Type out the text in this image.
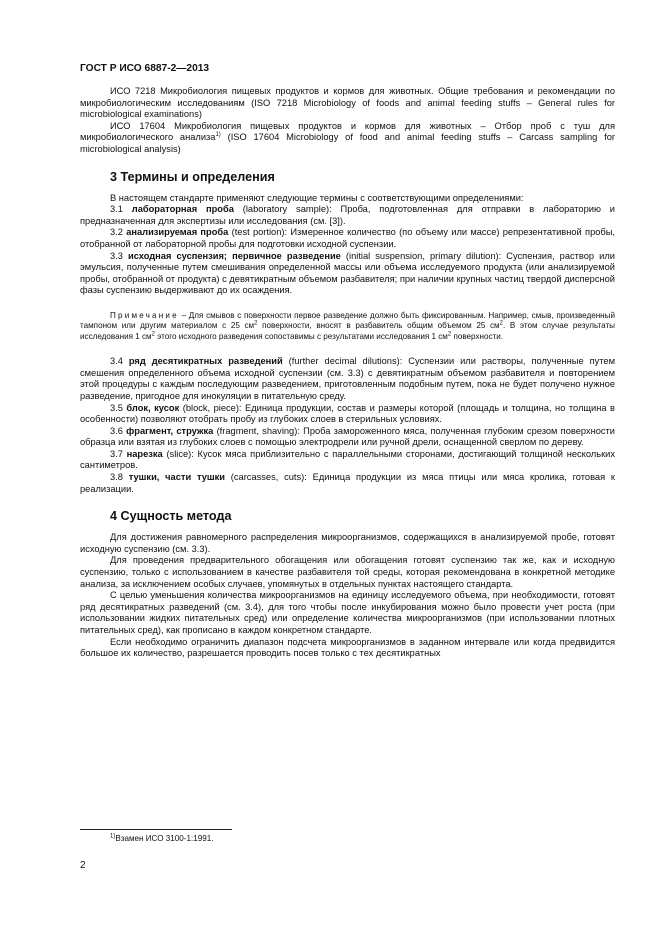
ГОСТ Р ИСО 6887-2—2013

ИСО 7218 Микробиология пищевых продуктов и кормов для животных. Общие требования и рекомендации по микробиологическим исследованиям (ISO 7218 Microbiology of foods and animal feeding stuffs – General rules for microbiological examinations)

ИСО 17604 Микробиология пищевых продуктов и кормов для животных – Отбор проб с туш для микробиологического анализа$^{1)}$ (ISO 17604 Microbiology of food and animal feeding stuffs – Carcass sampling for microbiological analysis)

3 Термины и определения

В настоящем стандарте применяют следующие термины с соответствующими определениями:

3.1 лабораторная проба (laboratory sample): Проба, подготовленная для отправки в лабораторию и предназначенная для экспертизы или исследования (см. [3]).

3.2 анализируемая проба (test portion): Измеренное количество (по объему или массе) репрезентативной пробы, отобранной от лабораторной пробы для подготовки исходной суспензии.

3.3 исходная суспензия; первичное разведение (initial suspension, primary dilution): Суспензия, раствор или эмульсия, полученные путем смешивания определенной массы или объема исследуемого продукта (или анализируемой пробы, отобранной от продукта) с девятикратным объемом разбавителя; при наличии крупных частиц твердой дисперсной фазы суспензию выдерживают до их осаждения.

Примечание – Для смывов с поверхности первое разведение должно быть фиксированным. Например, смыв, произведенный тампоном или другим материалом с 25 $см^2$ поверхности, вносят в разбавитель общим объемом 25 $см^2$. В этом случае результаты исследования 1 $см^2$ этого исходного разведения сопоставимы с результатами исследования 1 $см^2$ поверхности.

3.4 ряд десятикратных разведений (further decimal dilutions): Суспензии или растворы, полученные путем смешения определенного объема исходной суспензии (см. 3.3) с девятикратным объемом разбавителя и повторением этой процедуры с каждым последующим разведением, приготовленным подобным путем, пока не будет получено нужное разведение, пригодное для инокуляции в питательную среду.

3.5 блок, кусок (block, piece): Единица продукции, состав и размеры которой (площадь и толщина, но толщина в особенности) позволяют отобрать пробу из глубоких слоев в стерильных условиях.

3.6 фрагмент, стружка (fragment, shaving): Проба замороженного мяса, полученная глубоким срезом поверхности образца или взятая из глубоких слоев с помощью электродрели или ручной дрели, оснащенной сверлом по дереву.

3.7 нарезка (slice): Кусок мяса приблизительно с параллельными сторонами, достигающий толщиной нескольких сантиметров.

3.8 тушки, части тушки (carcasses, cuts): Единица продукции из мяса птицы или мяса кролика, готовая к реализации.

4 Сущность метода

Для достижения равномерного распределения микроорганизмов, содержащихся в анализируемой пробе, готовят исходную суспензию (см. 3.3).

Для проведения предварительного обогащения или обогащения готовят суспензию так же, как и исходную суспензию, только с использованием в качестве разбавителя той среды, которая рекомендована в конкретной методике анализа, за исключением особых случаев, упомянутых в отдельных пунктах настоящего стандарта.

С целью уменьшения количества микроорганизмов на единицу исследуемого объема, при необходимости, готовят ряд десятикратных разведений (см. 3.4), для того чтобы после инкубирования можно было провести учет роста (при использовании жидких питательных сред) или определение количества микроорганизмов (при использовании плотных питательных сред), как прописано в каждом конкретном стандарте.

Если необходимо ограничить диапазон подсчета микроорганизмов в заданном интервале или когда предвидится большое их количество, разрешается проводить посев только с тех десятикратных

$^{1)}$Взамен ИСО 3100-1:1991.
2
